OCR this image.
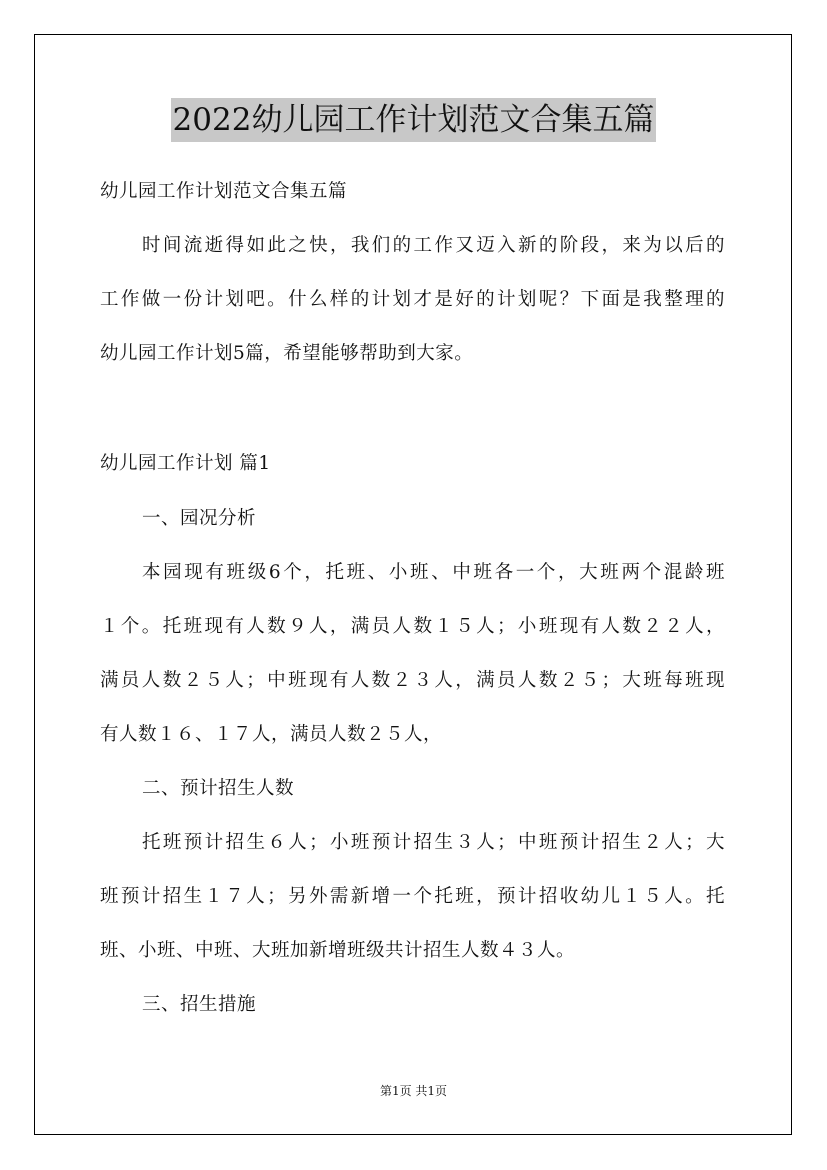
2022幼儿园工作计划范文合集五篇
幼儿园工作计划范文合集五篇
时间流逝得如此之快，我们的工作又迈入新的阶段，来为以后的
工作做一份计划吧。什么样的计划才是好的计划呢？下面是我整理的
幼儿园工作计划5篇，希望能够帮助到大家。
幼儿园工作计划 篇1
一、园况分析
本园现有班级6个，托班、小班、中班各一个，大班两个混龄班
１个。托班现有人数９人，满员人数１５人；小班现有人数２２人，
满员人数２５人；中班现有人数２３人，满员人数２５；大班每班现
有人数１６、１７人，满员人数２５人，
二、预计招生人数
托班预计招生６人；小班预计招生３人；中班预计招生２人；大
班预计招生１７人；另外需新增一个托班，预计招收幼儿１５人。托
班、小班、中班、大班加新增班级共计招生人数４３人。
三、招生措施
第1页 共1页
